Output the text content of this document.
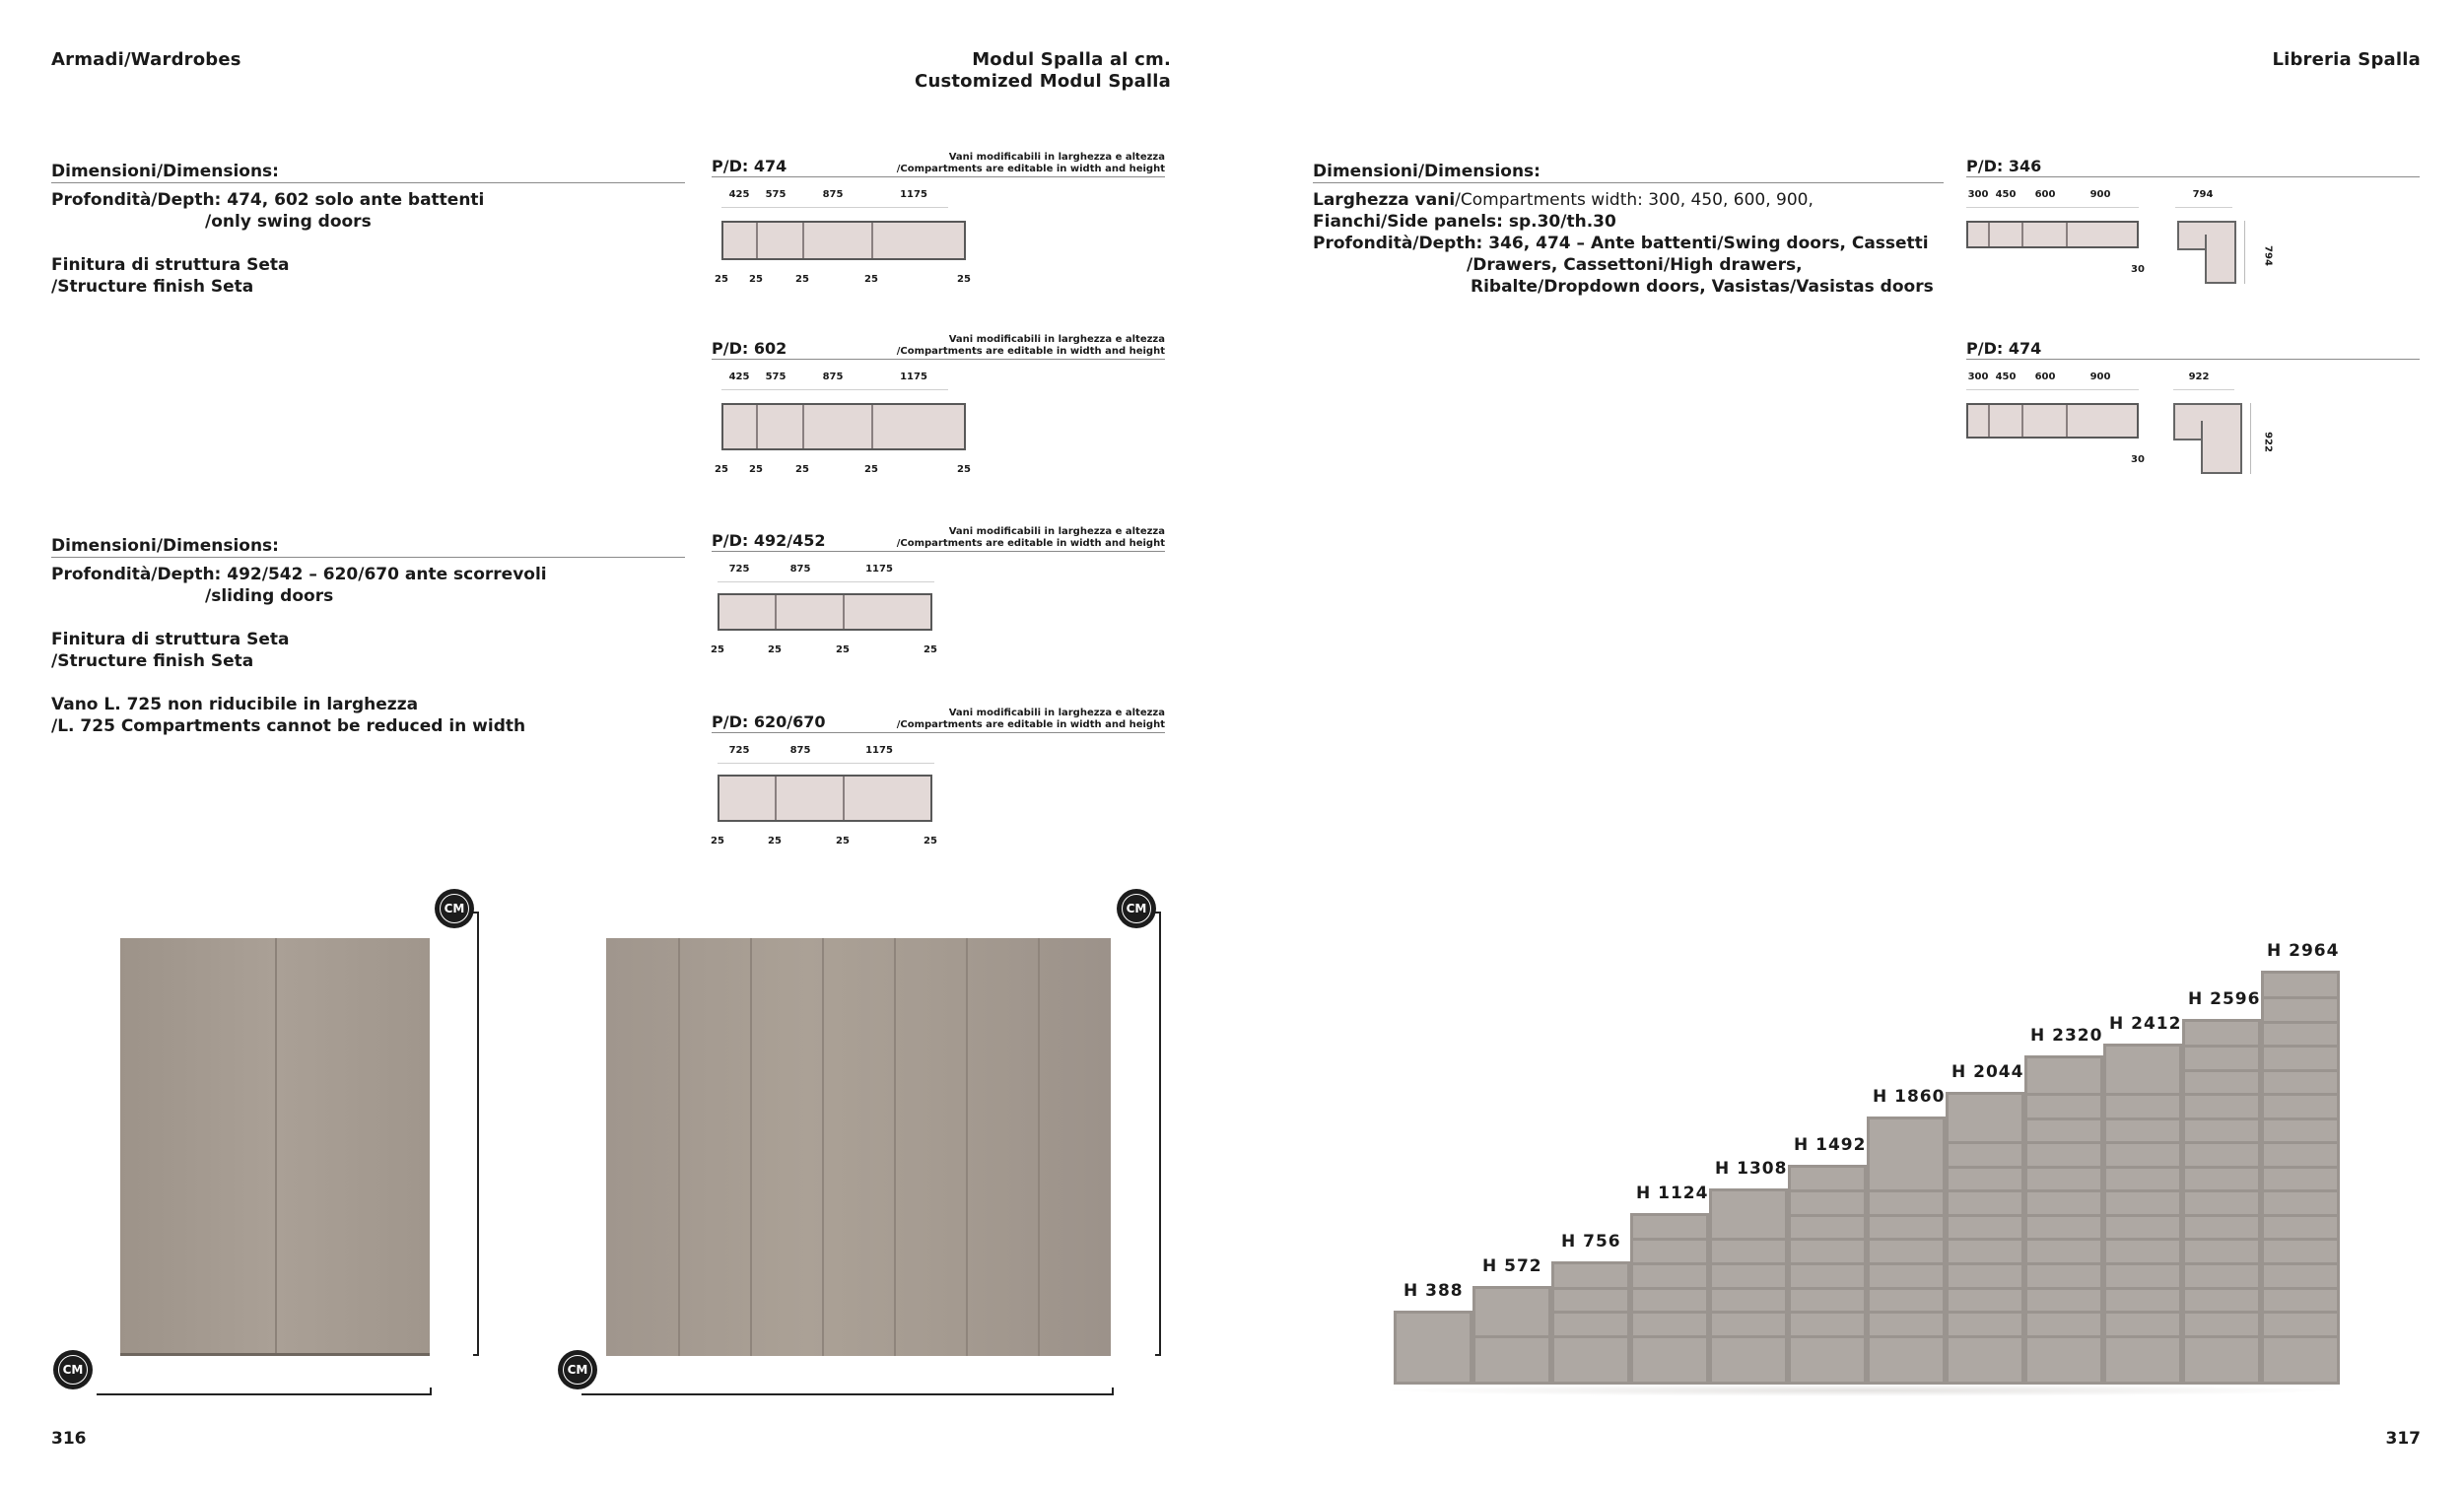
Armadi/Wardrobes	Modul Spalla al cm.
Customized Modul Spalla
Dimensioni/Dimensions:
Profondità/Depth: 474, 602 solo ante battenti
/only swing doors
Finitura di struttura Seta
/Structure finish Seta
Dimensioni/Dimensions:
Profondità/Depth: 492/542 – 620/670 ante scorrevoli
/sliding doors
Finitura di struttura Seta
/Structure finish Seta
Vano L. 725 non riducibile in larghezza
/L. 725 Compartments cannot be reduced in width
P/D: 474	Vani modificabili in larghezza e altezza
/Compartments are editable in width and height
425	575	875	1175
25	25	25	25	25
P/D: 602	Vani modificabili in larghezza e altezza
/Compartments are editable in width and height
425	575	875	1175
25	25	25	25	25
P/D: 492/452	Vani modificabili in larghezza e altezza
/Compartments are editable in width and height
725	875	1175
25	25	25	25
P/D: 620/670	Vani modificabili in larghezza e altezza
/Compartments are editable in width and height
725	875	1175
25	25	25	25
CM
CM
CM
CM
316
Libreria Spalla
Dimensioni/Dimensions:
Larghezza vani/Compartments width: 300, 450, 600, 900,
Fianchi/Side panels: sp.30/th.30
Profondità/Depth: 346, 474 – Ante battenti/Swing doors, Cassetti
/Drawers, Cassettoni/High drawers,
Ribalte/Dropdown doors, Vasistas/Vasistas doors
P/D: 346
300 450	600	900
30
794
794
P/D: 474
300 450	600	900
30
922
922
H 388
H 572
H 756
H 1124
H 1308
H 1492
H 1860
H 2044
H 2320
H 2412
H 2596
H 2964
317
